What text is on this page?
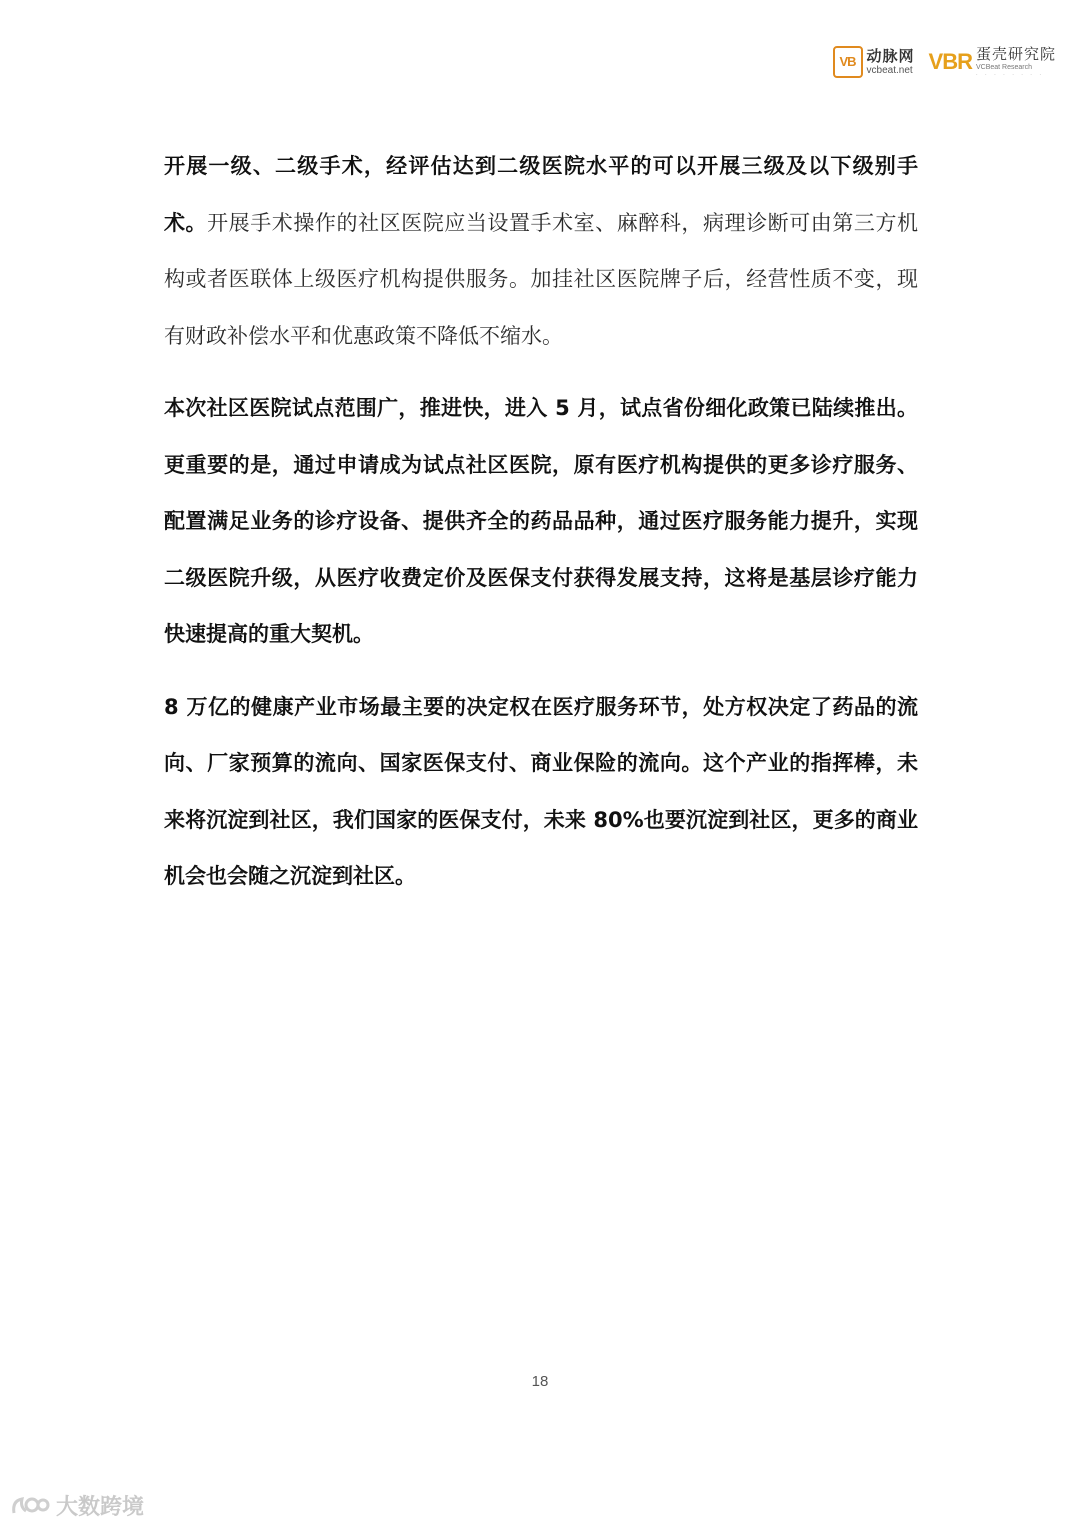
VB 动脉网
vcbeat.net VBR 蛋壳研究院
VCBeat Research
· · · · · · · ·

开展一级、二级手术，经评估达到二级医院水平的可以开展三级及以下级别手术。开展手术操作的社区医院应当设置手术室、麻醉科，病理诊断可由第三方机构或者医联体上级医疗机构提供服务。加挂社区医院牌子后，经营性质不变，现有财政补偿水平和优惠政策不降低不缩水。

本次社区医院试点范围广，推进快，进入 5 月，试点省份细化政策已陆续推出。更重要的是，通过申请成为试点社区医院，原有医疗机构提供的更多诊疗服务、配置满足业务的诊疗设备、提供齐全的药品品种，通过医疗服务能力提升，实现二级医院升级，从医疗收费定价及医保支付获得发展支持，这将是基层诊疗能力快速提高的重大契机。

8 万亿的健康产业市场最主要的决定权在医疗服务环节，处方权决定了药品的流向、厂家预算的流向、国家医保支付、商业保险的流向。这个产业的指挥棒，未来将沉淀到社区，我们国家的医保支付，未来 80%也要沉淀到社区，更多的商业机会也会随之沉淀到社区。

18
大数跨境
